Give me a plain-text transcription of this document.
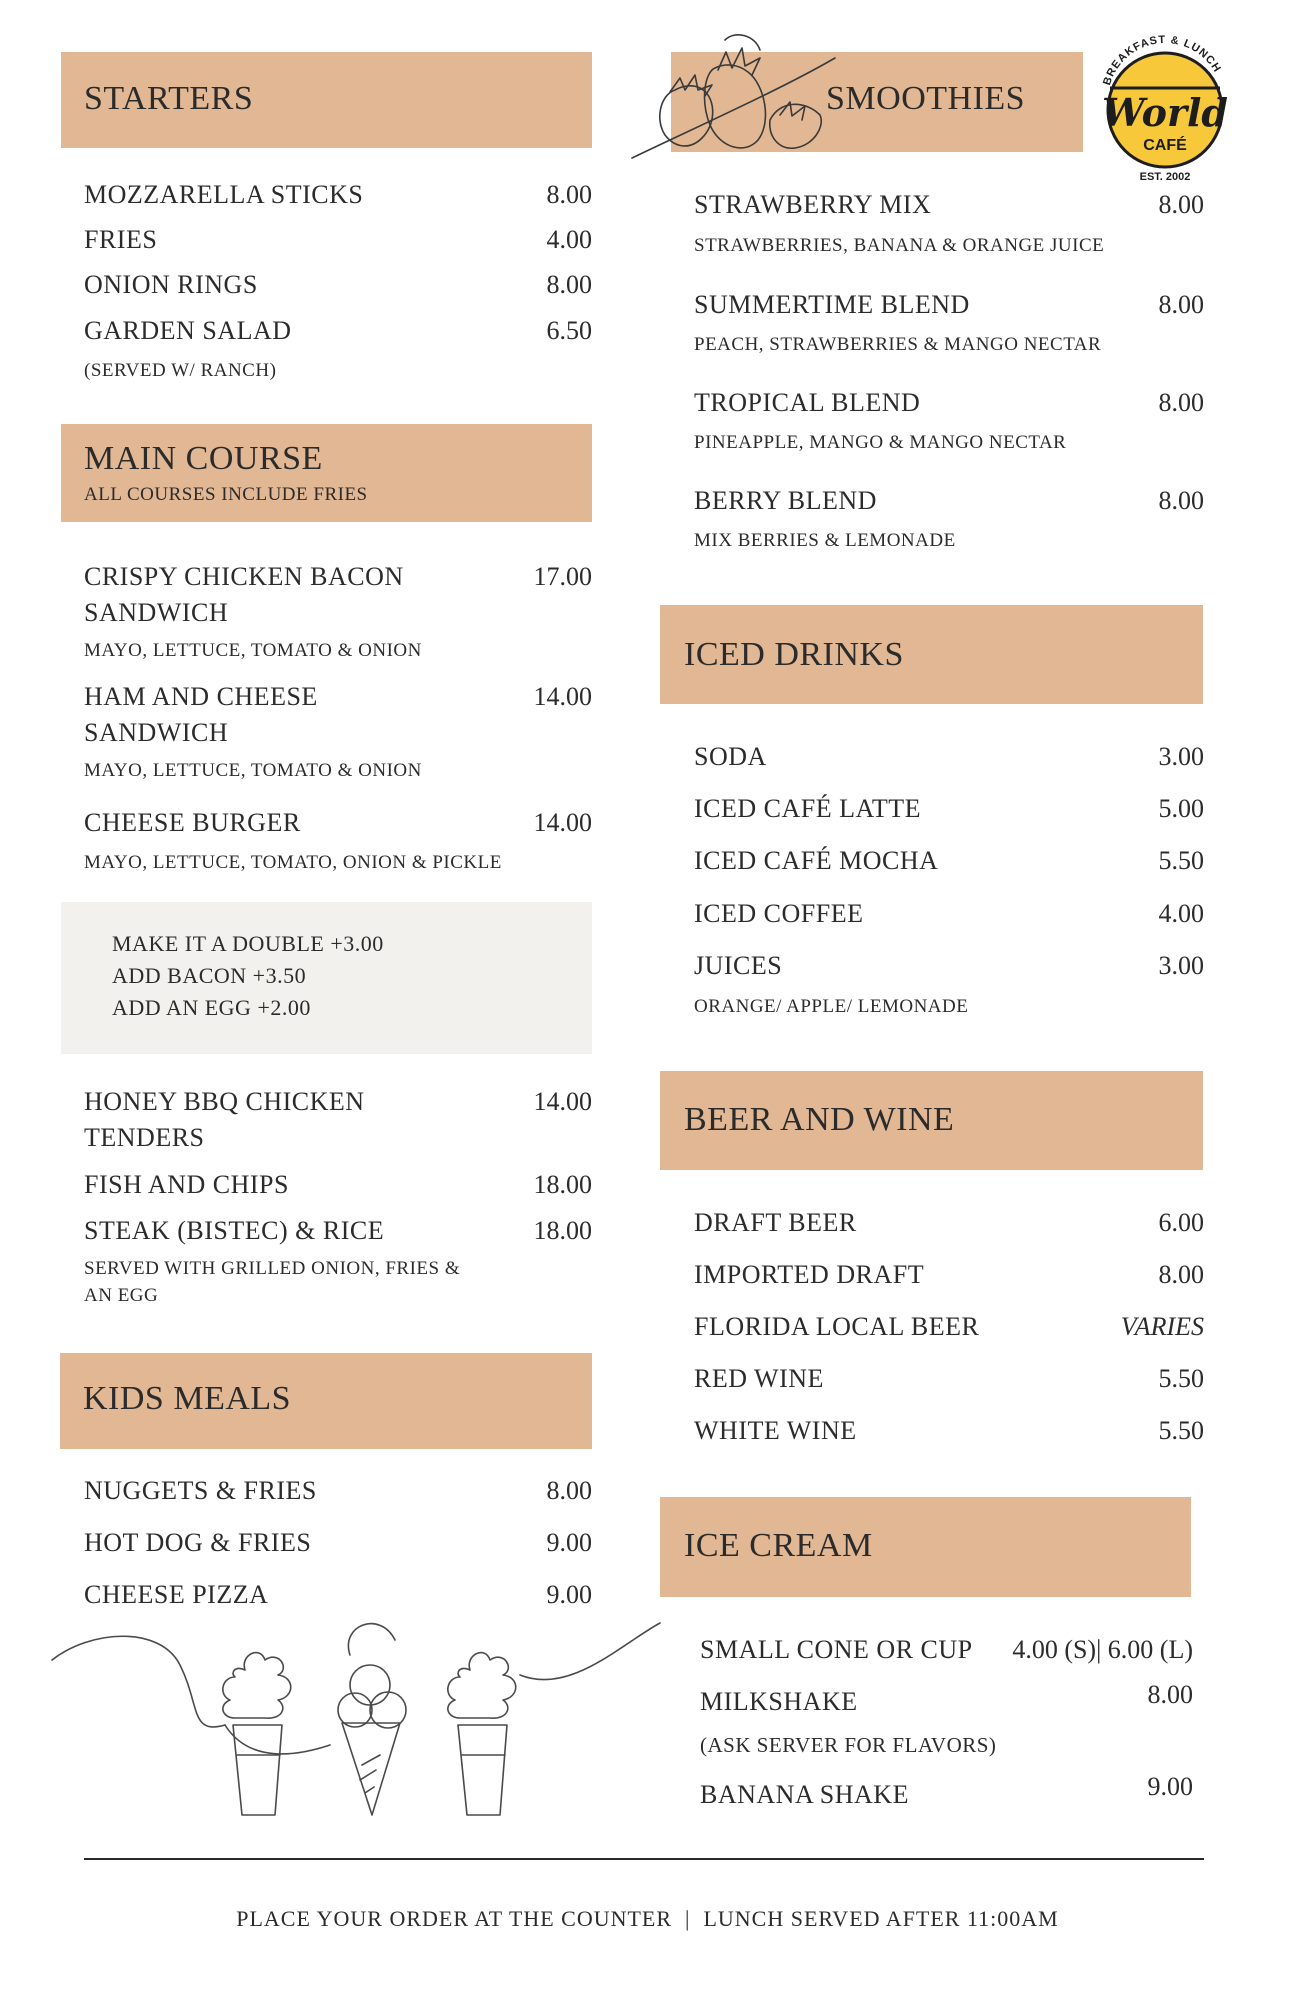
STARTERS
MOZZARELLA STICKS	8.00
FRIES	4.00
ONION RINGS	8.00
GARDEN SALAD	6.50
(SERVED W/ RANCH)
MAIN COURSE
ALL COURSES INCLUDE FRIES
CRISPY CHICKEN BACON
SANDWICH
17.00
MAYO, LETTUCE, TOMATO & ONION
HAM AND CHEESE
SANDWICH
14.00
MAYO, LETTUCE, TOMATO & ONION
CHEESE BURGER	14.00
MAYO, LETTUCE, TOMATO, ONION & PICKLE
MAKE IT A DOUBLE +3.00
ADD BACON +3.50
ADD AN EGG +2.00
HONEY BBQ CHICKEN
TENDERS
14.00
FISH AND CHIPS	18.00
STEAK (BISTEC) & RICE	18.00
SERVED WITH GRILLED ONION, FRIES &
AN EGG
KIDS MEALS
NUGGETS & FRIES	8.00
HOT DOG & FRIES	9.00
CHEESE PIZZA	9.00
SMOOTHIES	BREAKFAST & LUNCH
World
CAFÉ
EST. 2002
STRAWBERRY MIX	8.00
STRAWBERRIES, BANANA & ORANGE JUICE
SUMMERTIME BLEND	8.00
PEACH, STRAWBERRIES & MANGO NECTAR
TROPICAL BLEND	8.00
PINEAPPLE, MANGO & MANGO NECTAR
BERRY BLEND	8.00
MIX BERRIES & LEMONADE
ICED DRINKS
SODA	3.00
ICED CAFÉ LATTE	5.00
ICED CAFÉ MOCHA	5.50
ICED COFFEE	4.00
JUICES	3.00
ORANGE/ APPLE/ LEMONADE
BEER AND WINE
DRAFT BEER	6.00
IMPORTED DRAFT	8.00
FLORIDA LOCAL BEER	VARIES
RED WINE	5.50
WHITE WINE	5.50
ICE CREAM
SMALL CONE OR CUP 4.00 (S)| 6.00 (L)
MILKSHAKE	8.00
(ASK SERVER FOR FLAVORS)
BANANA SHAKE	9.00
PLACE YOUR ORDER AT THE COUNTER  |  LUNCH SERVED AFTER 11:00AM
